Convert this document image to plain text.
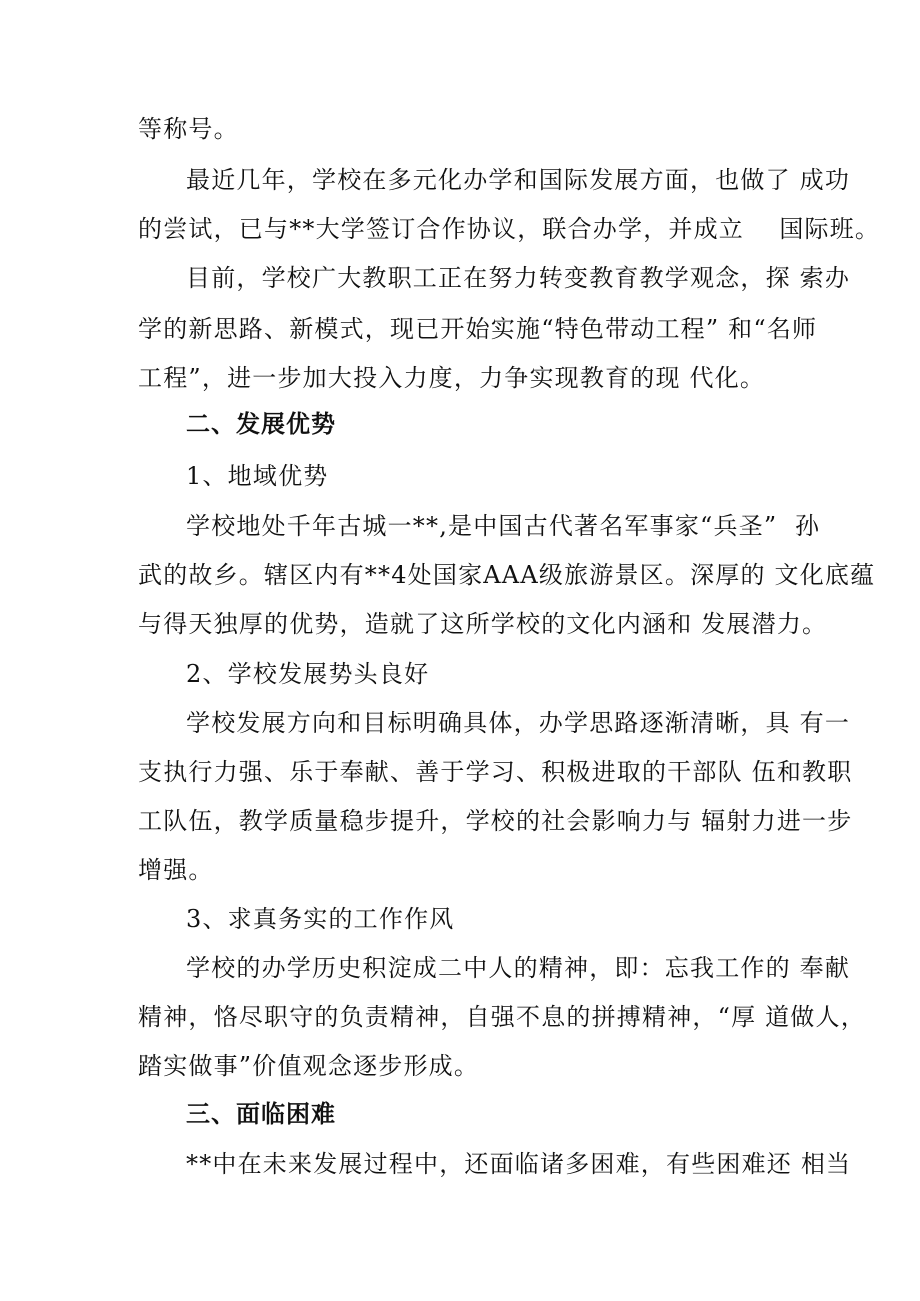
等称号。
最近几年，学校在多元化办学和国际发展方面，也做了 成功
的尝试，已与**大学签订合作协议，联合办学，并成立    国际班。
目前，学校广大教职工正在努力转变教育教学观念，探 索办
学的新思路、新模式，现已开始实施“特色带动工程” 和“名师
工程”，进一步加大投入力度，力争实现教育的现 代化。
二、发展优势
1、地域优势
学校地处千年古城一**,是中国古代著名军事家“兵圣”  孙
武的故乡。辖区内有**4处国家AAA级旅游景区。深厚的 文化底蕴
与得天独厚的优势，造就了这所学校的文化内涵和 发展潜力。
2、学校发展势头良好
学校发展方向和目标明确具体，办学思路逐渐清晰，具 有一
支执行力强、乐于奉献、善于学习、积极进取的干部队 伍和教职
工队伍，教学质量稳步提升，学校的社会影响力与 辐射力进一步
增强。
3、求真务实的工作作风
学校的办学历史积淀成二中人的精神，即：忘我工作的 奉献
精神，恪尽职守的负责精神，自强不息的拼搏精神，“厚 道做人，
踏实做事”价值观念逐步形成。
三、面临困难
**中在未来发展过程中，还面临诸多困难，有些困难还 相当
